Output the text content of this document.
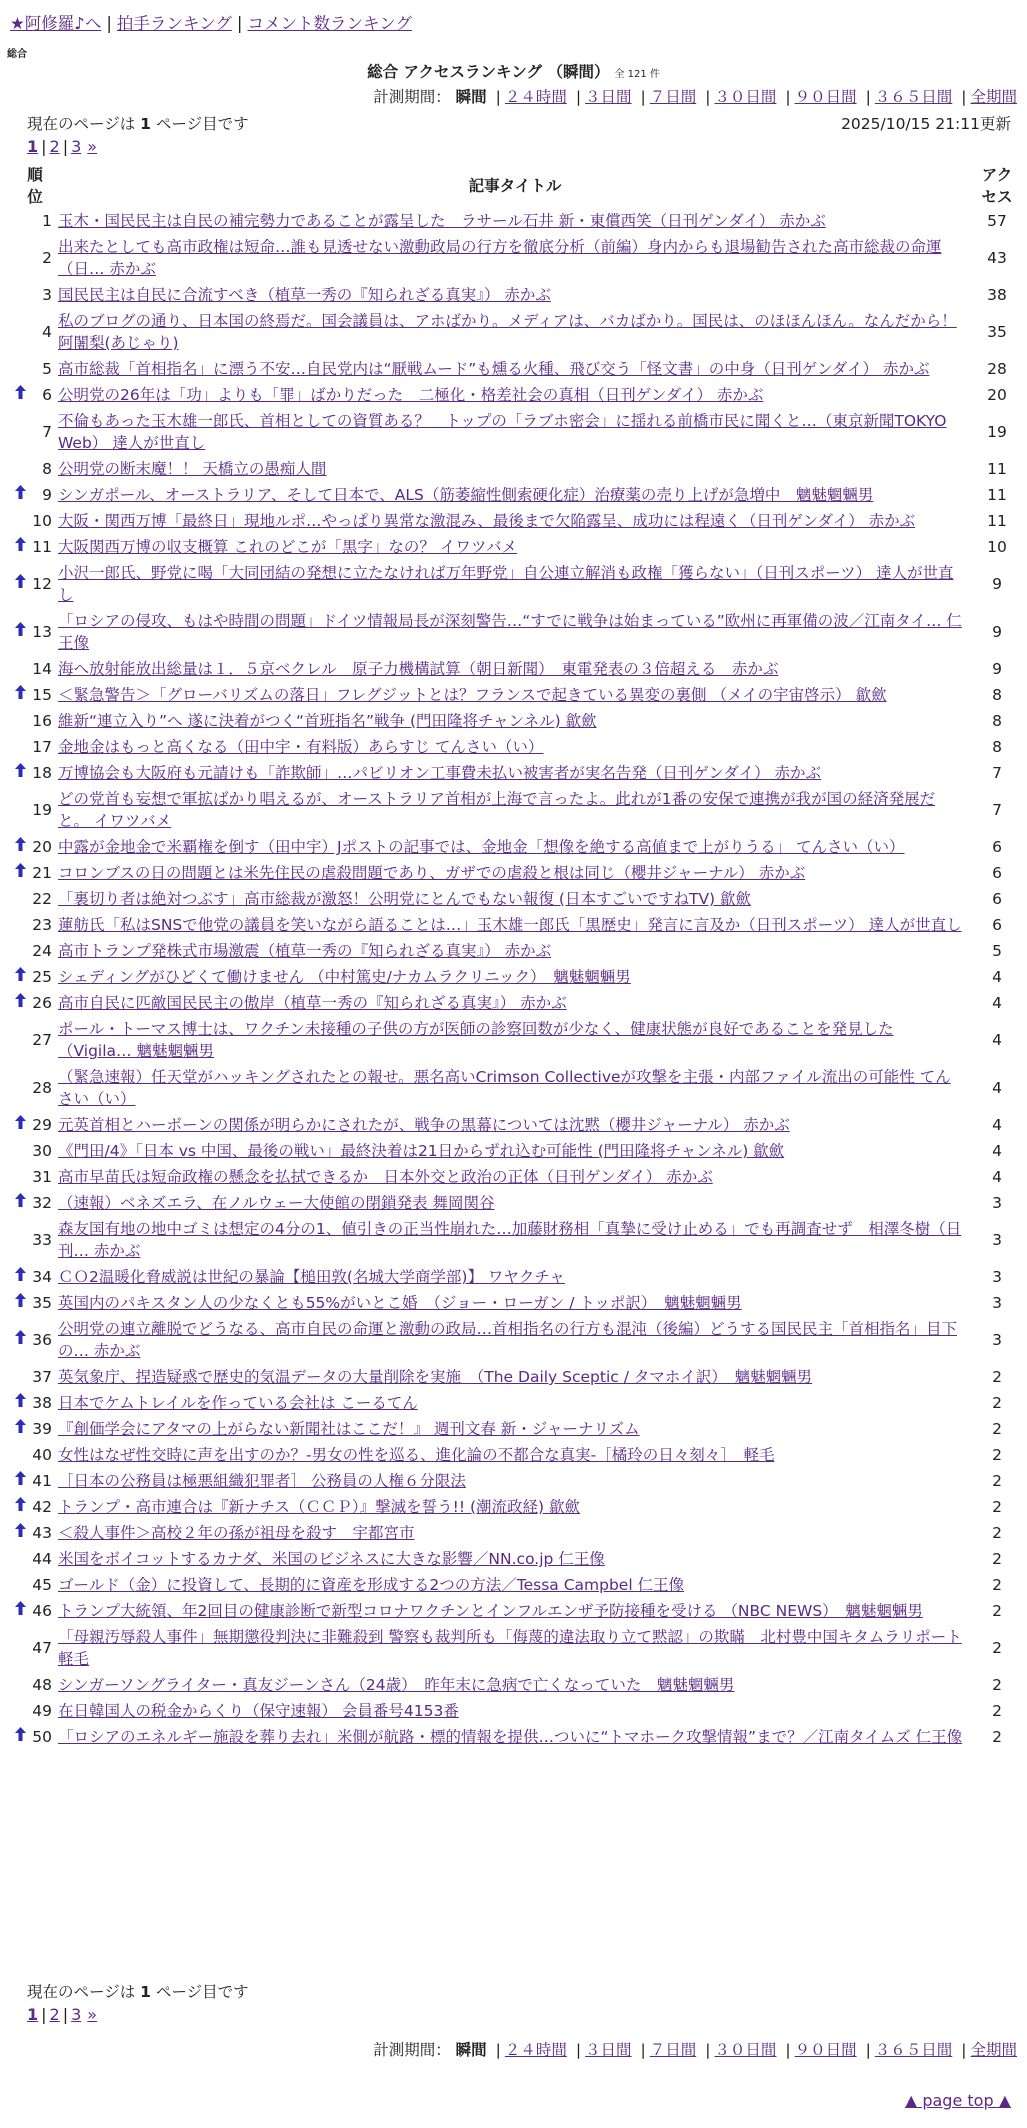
★阿修羅♪へ | 拍手ランキング | コメント数ランキング
総合
総合 アクセスランキング （瞬間） 全 121 件
計測期間： 瞬間 | ２４時間 | ３日間 | ７日間 | ３０日間 | ９０日間 | ３６５日間 | 全期間
現在のページは 1 ページ目です	2025/10/15 21:11更新
1 | 2 | 3 »
順位		記事タイトル	アクセス

	1	玉木・国民民主は自民の補完勢力であることが露呈した　ラサール石井 新・東償西笑（日刊ゲンダイ） 赤かぶ	57
	2	出来たとしても高市政権は短命…誰も見透せない激動政局の行方を徹底分析（前編）身内からも退場勧告された高市総裁の命運（日… 赤かぶ	43
	3	国民民主は自民に合流すべき（植草一秀の『知られざる真実』） 赤かぶ	38
	4	私のブログの通り、日本国の終焉だ。国会議員は、アホばかり。メディアは、バカばかり。国民は、のほほんほん。なんだから！ 阿闍梨(あじゃり)	35
	5	高市総裁「首相指名」に漂う不安…自民党内は“厭戦ムード”も燻る火種、飛び交う「怪文書」の中身（日刊ゲンダイ） 赤かぶ	28
	6	公明党の26年は「功」よりも「罪」ばかりだった　二極化・格差社会の真相（日刊ゲンダイ） 赤かぶ	20
	7	不倫もあった玉木雄一郎氏、首相としての資質ある？　トップの「ラブホ密会」に揺れる前橋市民に聞くと…（東京新聞TOKYO Web） 達人が世直し	19
	8	公明党の断末魔！！ 天橋立の愚痴人間	11
	9	シンガポール、オーストラリア、そして日本で、ALS（筋萎縮性側索硬化症）治療薬の売り上げが急増中　魑魅魍魎男	11
	10	大阪・関西万博「最終日」現地ルポ…やっぱり異常な激混み、最後まで欠陥露呈、成功には程遠く（日刊ゲンダイ） 赤かぶ	11
	11	大阪関西万博の収支概算 これのどこが「黒字」なの？ イワツバメ	10
	12	小沢一郎氏、野党に喝「大同団結の発想に立たなければ万年野党」自公連立解消も政権「獲らない」（日刊スポーツ） 達人が世直し	9
	13	「ロシアの侵攻、もはや時間の問題」ドイツ情報局長が深刻警告…“すでに戦争は始まっている”欧州に再軍備の波／江南タイ… 仁王像	9
	14	海へ放射能放出総量は１．５京ベクレル　原子力機構試算（朝日新聞）　東電発表の３倍超える　赤かぶ	9
	15	＜緊急警告＞「グローバリズムの落日」フレグジットとは？フランスで起きている異変の裏側 （メイの宇宙啓示） 歙歛	8
	16	維新“連立入り”へ 遂に決着がつく“首班指名”戦争 (門田隆将チャンネル) 歙歛	8
	17	金地金はもっと高くなる（田中宇・有料版）あらすじ てんさい（い）	8
	18	万博協会も大阪府も元請けも「詐欺師」…パビリオン工事費未払い被害者が実名告発（日刊ゲンダイ） 赤かぶ	7
	19	どの党首も妄想で軍拡ばかり唱えるが、オーストラリア首相が上海で言ったよ。此れが1番の安保で連携が我が国の経済発展だと。 イワツバメ	7
	20	中露が金地金で米覇権を倒す（田中宇）Jポストの記事では、金地金「想像を絶する高値まで上がりうる」 てんさい（い）	6
	21	コロンブスの日の問題とは米先住民の虐殺問題であり、ガザでの虐殺と根は同じ（櫻井ジャーナル） 赤かぶ	6
	22	「裏切り者は絶対つぶす」高市総裁が激怒！公明党にとんでもない報復 (日本すごいですねTV) 歙歛	6
	23	蓮舫氏「私はSNSで他党の議員を笑いながら語ることは…」玉木雄一郎氏「黒歴史」発言に言及か（日刊スポーツ） 達人が世直し	6
	24	高市トランプ発株式市場激震（植草一秀の『知られざる真実』） 赤かぶ	5
	25	シェディングがひどくて働けません （中村篤史/ナカムラクリニック）　魑魅魍魎男	4
	26	高市自民に匹敵国民民主の傲岸（植草一秀の『知られざる真実』） 赤かぶ	4
	27	ポール・トーマス博士は、ワクチン未接種の子供の方が医師の診察回数が少なく、健康状態が良好であることを発見した（Vigila… 魑魅魍魎男	4
	28	（緊急速報）任天堂がハッキングされたとの報せ。悪名高いCrimson Collectiveが攻撃を主張・内部ファイル流出の可能性 てんさい（い）	4
	29	元英首相とハーボーンの関係が明らかにされたが、戦争の黒幕については沈黙（櫻井ジャーナル） 赤かぶ	4
	30	《門田/4》「日本 vs 中国、最後の戦い」最終決着は21日からずれ込む可能性 (門田隆将チャンネル) 歙歛	4
	31	高市早苗氏は短命政権の懸念を払拭できるか　日本外交と政治の正体（日刊ゲンダイ） 赤かぶ	4
	32	（速報）ベネズエラ、在ノルウェー大使館の閉鎖発表 舞岡関谷	3
	33	森友国有地の地中ゴミは想定の4分の1、値引きの正当性崩れた…加藤財務相「真摯に受け止める」でも再調査せず　相澤冬樹（日刊… 赤かぶ	3
	34	ＣＯ2温暖化脅威説は世紀の暴論【槌田敦(名城大学商学部)】 ワヤクチャ	3
	35	英国内のパキスタン人の少なくとも55%がいとこ婚　（ジョー・ローガン / トッポ訳）　魑魅魍魎男	3
	36	公明党の連立離脱でどうなる、高市自民の命運と激動の政局…首相指名の行方も混沌（後編）どうする国民民主「首相指名」目下の… 赤かぶ	3
	37	英気象庁、捏造疑惑で歴史的気温データの大量削除を実施　（The Daily Sceptic / タマホイ訳）　魑魅魍魎男	2
	38	日本でケムトレイルを作っている会社は こーるてん	2
	39	『創価学会にアタマの上がらない新聞社はここだ！』 週刊文春 新・ジャーナリズム	2
	40	女性はなぜ性交時に声を出すのか？-男女の性を巡る、進化論の不都合な真実-［橘玲の日々刻々］　軽毛	2
	41	［日本の公務員は極悪組織犯罪者］ 公務員の人権６分限法	2
	42	トランプ・高市連合は『新ナチス（ＣＣＰ）』撃滅を誓う!! (潮流政経) 歙歛	2
	43	＜殺人事件＞高校２年の孫が祖母を殺す　宇都宮市	2
	44	米国をボイコットするカナダ、米国のビジネスに大きな影響／NN.co.jp 仁王像	2
	45	ゴールド（金）に投資して、長期的に資産を形成する2つの方法／Tessa Campbel 仁王像	2
	46	トランプ大統領、年2回目の健康診断で新型コロナワクチンとインフルエンザ予防接種を受ける （NBC NEWS）　魑魅魍魎男	2
	47	「母親汚辱殺人事件」無期懲役判決に非難殺到 警察も裁判所も「侮蔑的違法取り立て黙認」の欺瞞　北村豊中国キタムラリポート 軽毛	2
	48	シンガーソングライター・真友ジーンさん（24歳）　昨年末に急病で亡くなっていた　魑魅魍魎男	2
	49	在日韓国人の税金からくり（保守速報） 会員番号4153番	2
	50	「ロシアのエネルギー施設を葬り去れ」米側が航路・標的情報を提供…ついに“トマホーク攻撃情報”まで？／江南タイムズ 仁王像	2
現在のページは 1 ページ目です
1 | 2 | 3 »
計測期間： 瞬間 | ２４時間 | ３日間 | ７日間 | ３０日間 | ９０日間 | ３６５日間 | 全期間
▲ page top ▲
